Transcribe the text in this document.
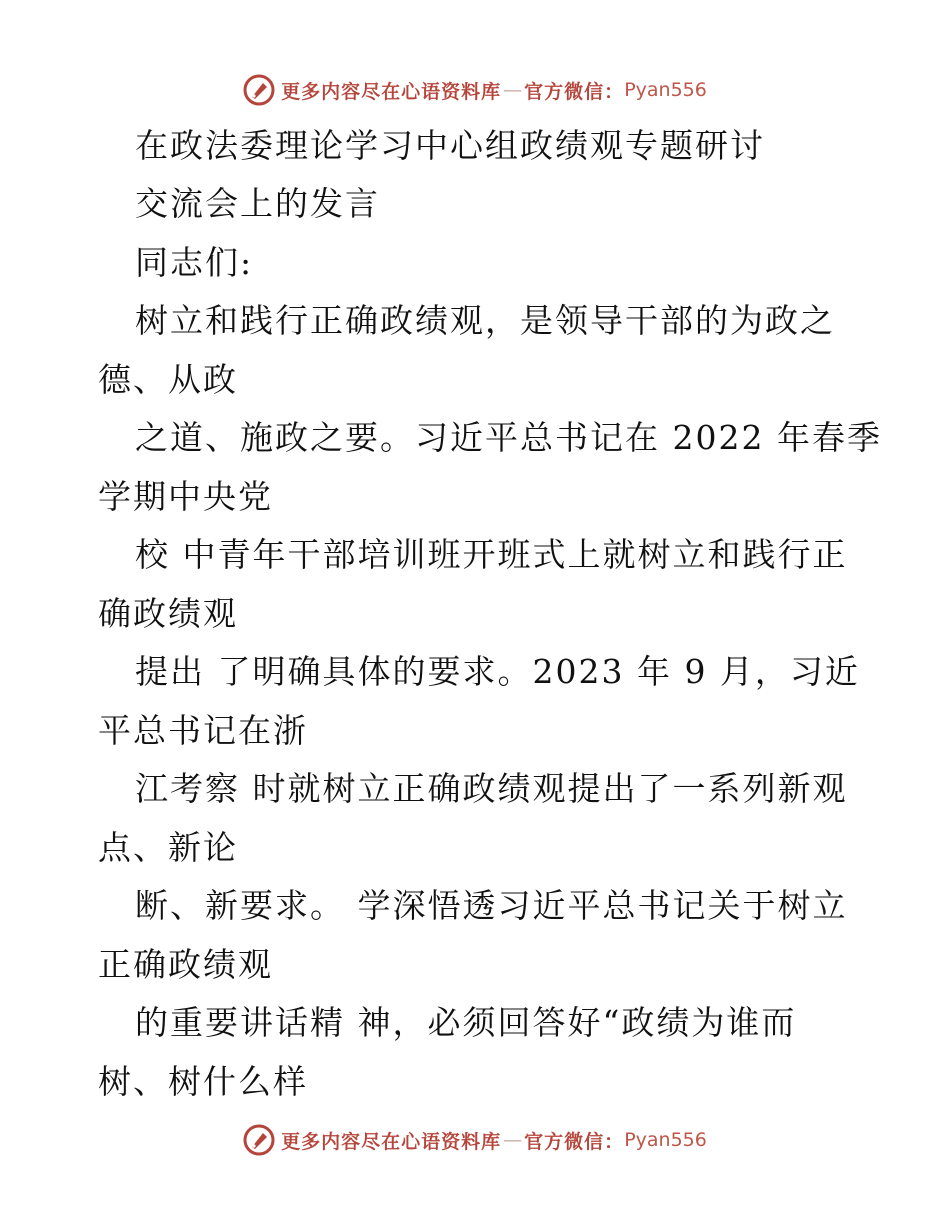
更多内容尽在心语资料库 — 官方微信： Pyan556
在政法委理论学习中心组政绩观专题研讨
交流会上的发言
同志们:
树立和践行正确政绩观，是领导干部的为政之
德、从政
之道、施政之要。习近平总书记在 2022 年春季
学期中央党
校 中青年干部培训班开班式上就树立和践行正
确政绩观
提出 了明确具体的要求。2023 年 9 月，习近
平总书记在浙
江考察 时就树立正确政绩观提出了一系列新观
点、新论
断、新要求。 学深悟透习近平总书记关于树立
正确政绩观
的重要讲话精 神，必须回答好“政绩为谁而
树、树什么样
更多内容尽在心语资料库 — 官方微信： Pyan556
